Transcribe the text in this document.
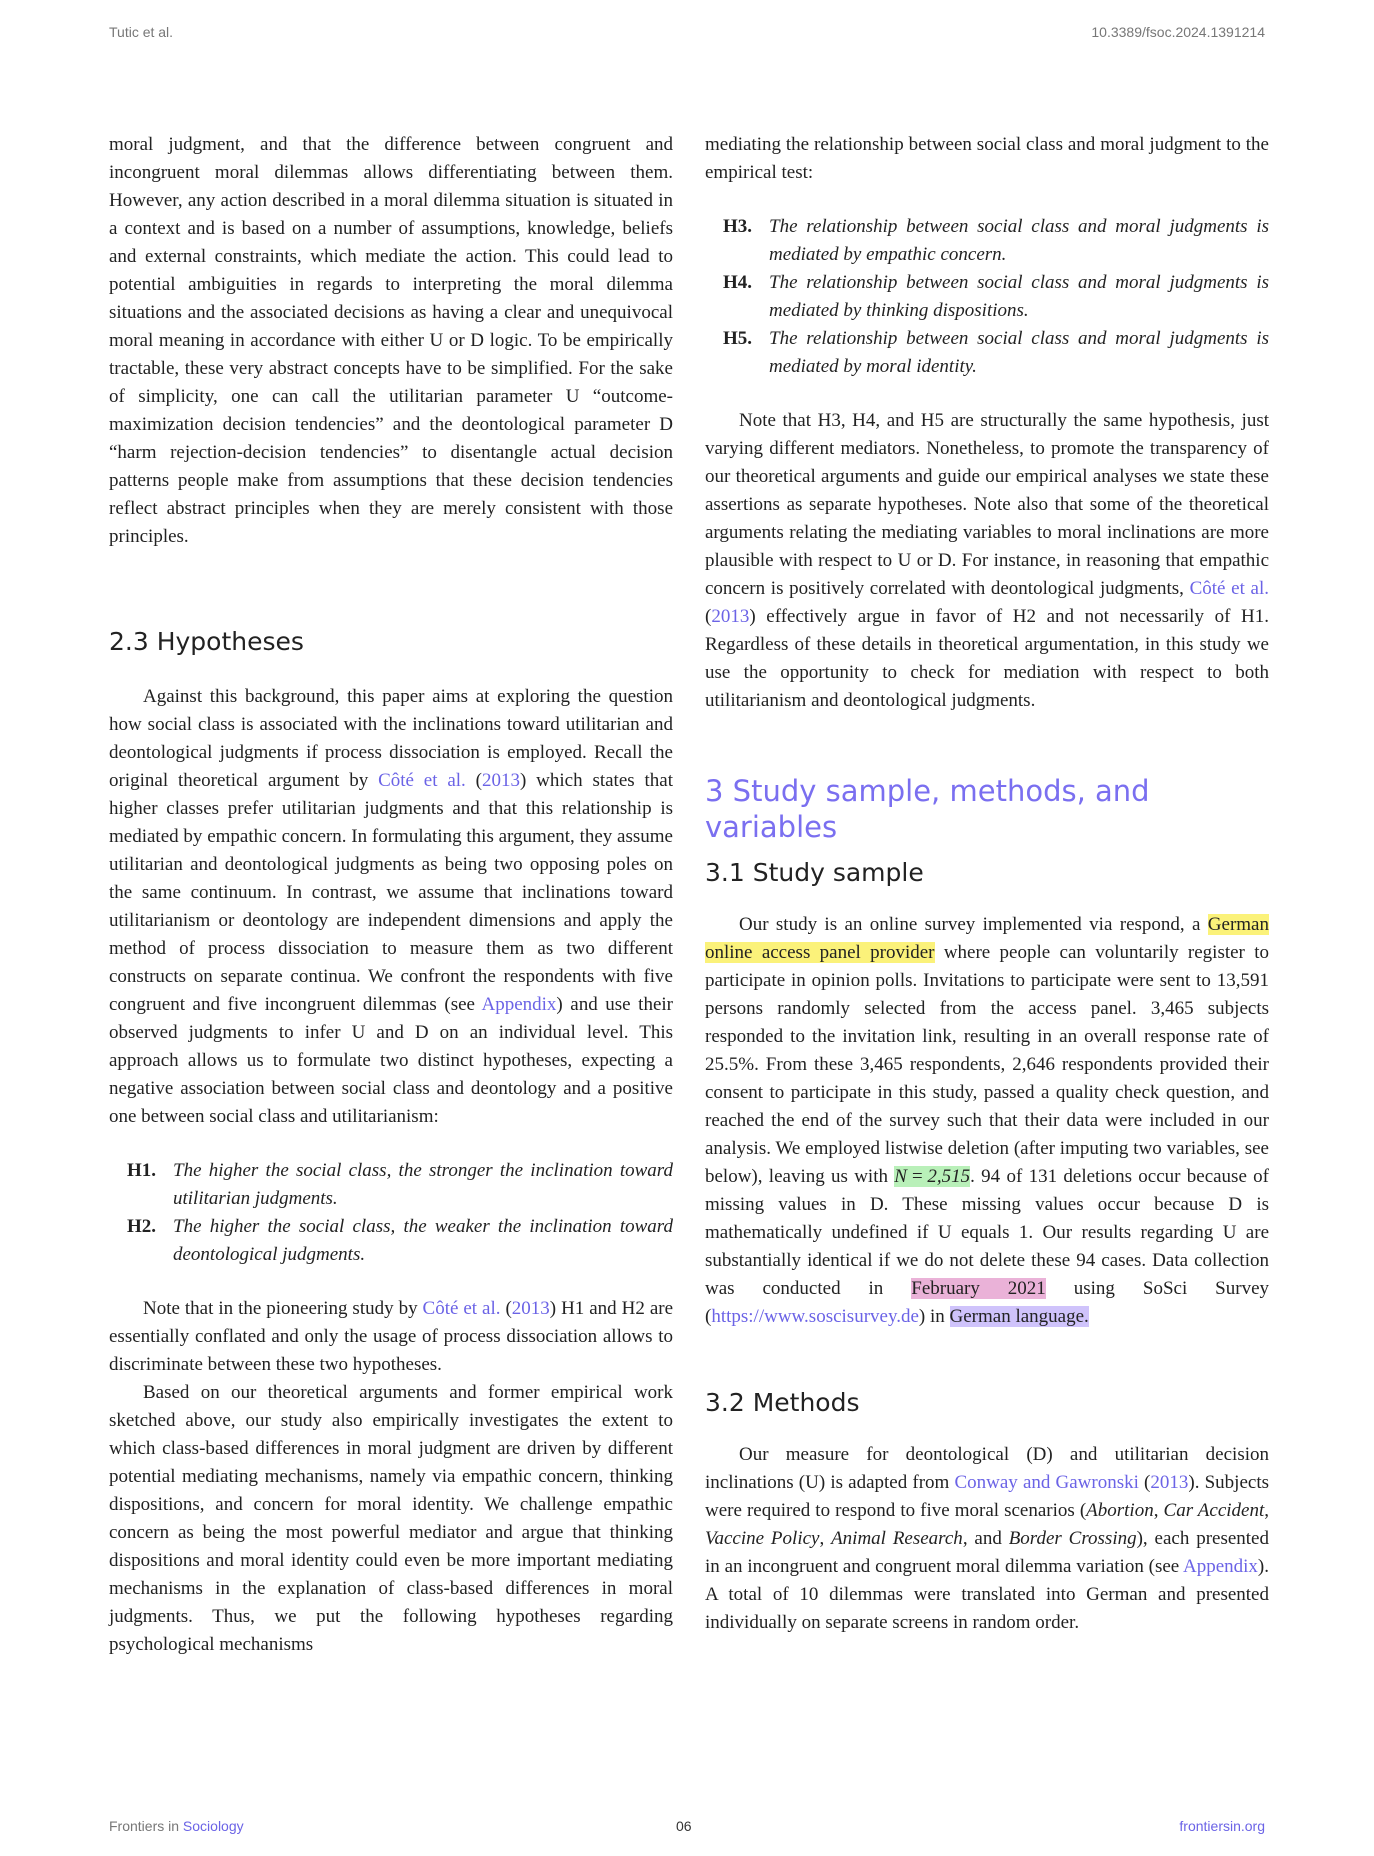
Tutic et al.	10.3389/fsoc.2024.1391214

moral judgment, and that the difference between congruent and incongruent moral dilemmas allows differentiating between them. However, any action described in a moral dilemma situation is situated in a context and is based on a number of assumptions, knowledge, beliefs and external constraints, which mediate the action. This could lead to potential ambiguities in regards to interpreting the moral dilemma situations and the associated decisions as having a clear and unequivocal moral meaning in accordance with either U or D logic. To be empirically tractable, these very abstract concepts have to be simplified. For the sake of simplicity, one can call the utilitarian parameter U “outcome-maximization decision tendencies” and the deontological parameter D “harm rejection-decision tendencies” to disentangle actual decision patterns people make from assumptions that these decision tendencies reflect abstract principles when they are merely consistent with those principles.

2.3 Hypotheses

Against this background, this paper aims at exploring the question how social class is associated with the inclinations toward utilitarian and deontological judgments if process dissociation is employed. Recall the original theoretical argument by Côté et al. (2013) which states that higher classes prefer utilitarian judgments and that this relationship is mediated by empathic concern. In formulating this argument, they assume utilitarian and deontological judgments as being two opposing poles on the same continuum. In contrast, we assume that inclinations toward utilitarianism or deontology are independent dimensions and apply the method of process dissociation to measure them as two different constructs on separate continua. We confront the respondents with five congruent and five incongruent dilemmas (see Appendix) and use their observed judgments to infer U and D on an individual level. This approach allows us to formulate two distinct hypotheses, expecting a negative association between social class and deontology and a positive one between social class and utilitarianism:

H1. The higher the social class, the stronger the inclination toward utilitarian judgments.
H2. The higher the social class, the weaker the inclination toward deontological judgments.

Note that in the pioneering study by Côté et al. (2013) H1 and H2 are essentially conflated and only the usage of process dissociation allows to discriminate between these two hypotheses.

Based on our theoretical arguments and former empirical work sketched above, our study also empirically investigates the extent to which class-based differences in moral judgment are driven by different potential mediating mechanisms, namely via empathic concern, thinking dispositions, and concern for moral identity. We challenge empathic concern as being the most powerful mediator and argue that thinking dispositions and moral identity could even be more important mediating mechanisms in the explanation of class-based differences in moral judgments. Thus, we put the following hypotheses regarding psychological mechanisms

mediating the relationship between social class and moral judgment to the empirical test:

H3. The relationship between social class and moral judgments is mediated by empathic concern.
H4. The relationship between social class and moral judgments is mediated by thinking dispositions.
H5. The relationship between social class and moral judgments is mediated by moral identity.

Note that H3, H4, and H5 are structurally the same hypothesis, just varying different mediators. Nonetheless, to promote the transparency of our theoretical arguments and guide our empirical analyses we state these assertions as separate hypotheses. Note also that some of the theoretical arguments relating the mediating variables to moral inclinations are more plausible with respect to U or D. For instance, in reasoning that empathic concern is positively correlated with deontological judgments, Côté et al. (2013) effectively argue in favor of H2 and not necessarily of H1. Regardless of these details in theoretical argumentation, in this study we use the opportunity to check for mediation with respect to both utilitarianism and deontological judgments.

3 Study sample, methods, and variables
3.1 Study sample

Our study is an online survey implemented via respond, a German online access panel provider where people can voluntarily register to participate in opinion polls. Invitations to participate were sent to 13,591 persons randomly selected from the access panel. 3,465 subjects responded to the invitation link, resulting in an overall response rate of 25.5%. From these 3,465 respondents, 2,646 respondents provided their consent to participate in this study, passed a quality check question, and reached the end of the survey such that their data were included in our analysis. We employed listwise deletion (after imputing two variables, see below), leaving us with N = 2,515. 94 of 131 deletions occur because of missing values in D. These missing values occur because D is mathematically undefined if U equals 1. Our results regarding U are substantially identical if we do not delete these 94 cases. Data collection was conducted in February 2021 using SoSci Survey (https://www.soscisurvey.de) in German language.

3.2 Methods

Our measure for deontological (D) and utilitarian decision inclinations (U) is adapted from Conway and Gawronski (2013). Subjects were required to respond to five moral scenarios (Abortion, Car Accident, Vaccine Policy, Animal Research, and Border Crossing), each presented in an incongruent and congruent moral dilemma variation (see Appendix). A total of 10 dilemmas were translated into German and presented individually on separate screens in random order.

Frontiers in Sociology	06	frontiersin.org
